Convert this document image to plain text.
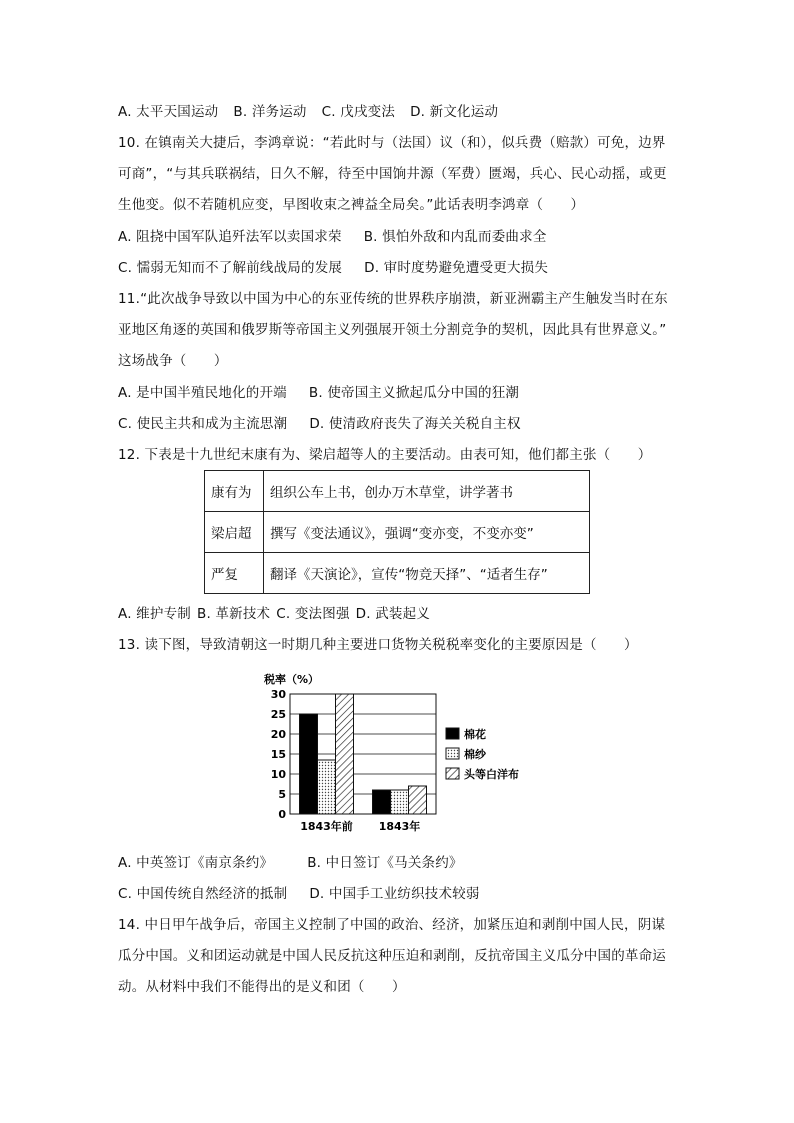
A. 太平天国运动 B. 洋务运动 C. 戊戌变法 D. 新文化运动
10. 在镇南关大捷后，李鸿章说：“若此时与（法国）议（和），似兵费（赔款）可免，边界
可商”，“与其兵联祸结，日久不解，待至中国饷井源（军费）匮竭，兵心、民心动摇，或更
生他变。似不若随机应变，早图收束之裨益全局矣。”此话表明李鸿章（　　）
A. 阻挠中国军队追歼法军以卖国求荣 B. 惧怕外敌和内乱而委曲求全
C. 懦弱无知而不了解前线战局的发展 D. 审时度势避免遭受更大损失
11.“此次战争导致以中国为中心的东亚传统的世界秩序崩溃，新亚洲霸主产生触发当时在东
亚地区角逐的英国和俄罗斯等帝国主义列强展开领土分割竞争的契机，因此具有世界意义。”
这场战争（　　）
A. 是中国半殖民地化的开端 B. 使帝国主义掀起瓜分中国的狂潮
C. 使民主共和成为主流思潮 D. 使清政府丧失了海关关税自主权
12. 下表是十九世纪末康有为、梁启超等人的主要活动。由表可知，他们都主张（　　）
康有为	组织公车上书，创办万木草堂，讲学著书
梁启超	撰写《变法通议》，强调“变亦变，不变亦变”
严复	翻译《天演论》，宣传“物竞天择”、“适者生存”
A. 维护专制 B. 革新技术 C. 变法图强 D. 武装起义
13. 读下图，导致清朝这一时期几种主要进口货物关税税率变化的主要原因是（　　）
税率（%）
0
5
10
15
20
25
30
1843年前 1843年
棉花
棉纱
头等白洋布
A. 中英签订《南京条约》	B. 中日签订《马关条约》
C. 中国传统自然经济的抵制 D. 中国手工业纺织技术较弱
14. 中日甲午战争后，帝国主义控制了中国的政治、经济，加紧压迫和剥削中国人民，阴谋
瓜分中国。义和团运动就是中国人民反抗这种压迫和剥削，反抗帝国主义瓜分中国的革命运
动。从材料中我们不能得出的是义和团（　　）
